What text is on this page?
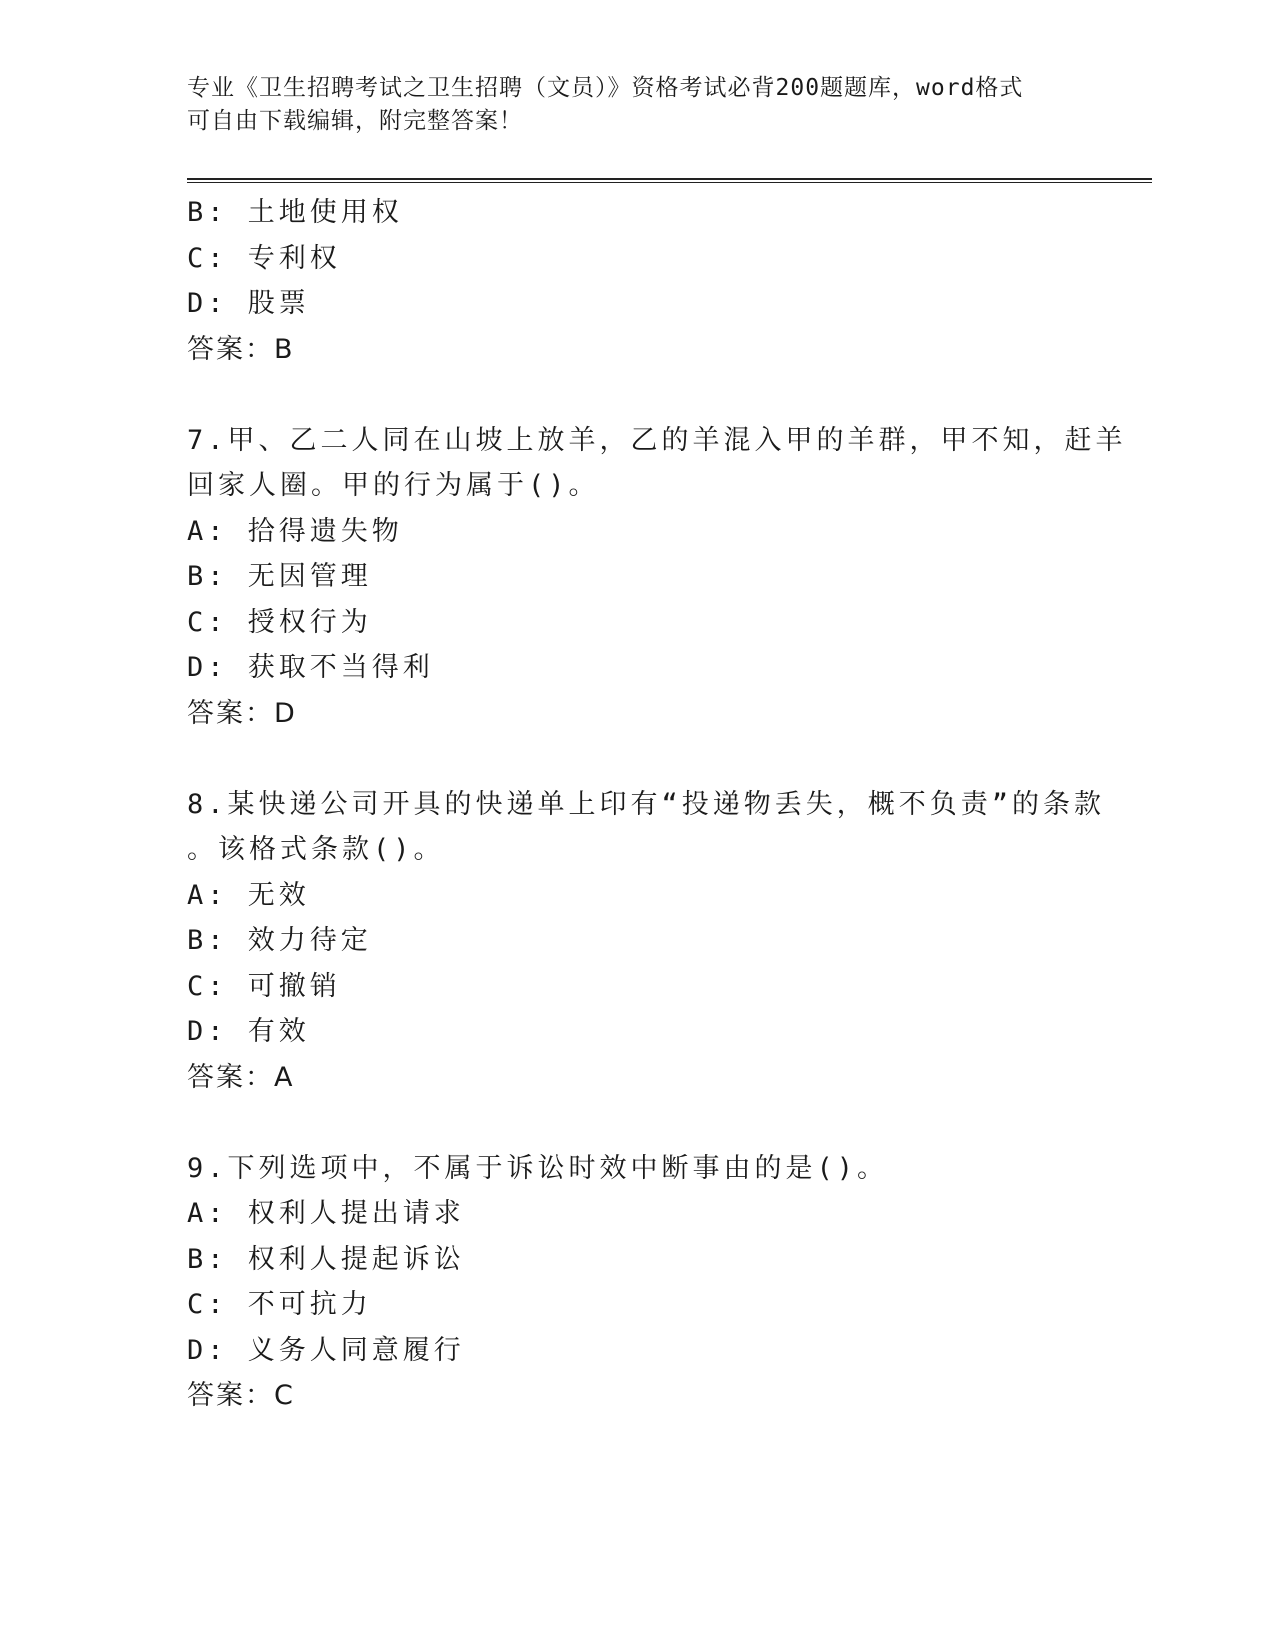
专业《卫生招聘考试之卫生招聘（文员）》资格考试必背200题题库，word格式
可自由下载编辑，附完整答案！
B: 土地使用权
C: 专利权
D: 股票
答案：B
7.甲、乙二人同在山坡上放羊，乙的羊混入甲的羊群，甲不知，赶羊
回家人圈。甲的行为属于()。
A: 拾得遗失物
B: 无因管理
C: 授权行为
D: 获取不当得利
答案：D
8.某快递公司开具的快递单上印有“投递物丢失，概不负责”的条款
。该格式条款()。
A: 无效
B: 效力待定
C: 可撤销
D: 有效
答案：A
9.下列选项中，不属于诉讼时效中断事由的是()。
A: 权利人提出请求
B: 权利人提起诉讼
C: 不可抗力
D: 义务人同意履行
答案：C
